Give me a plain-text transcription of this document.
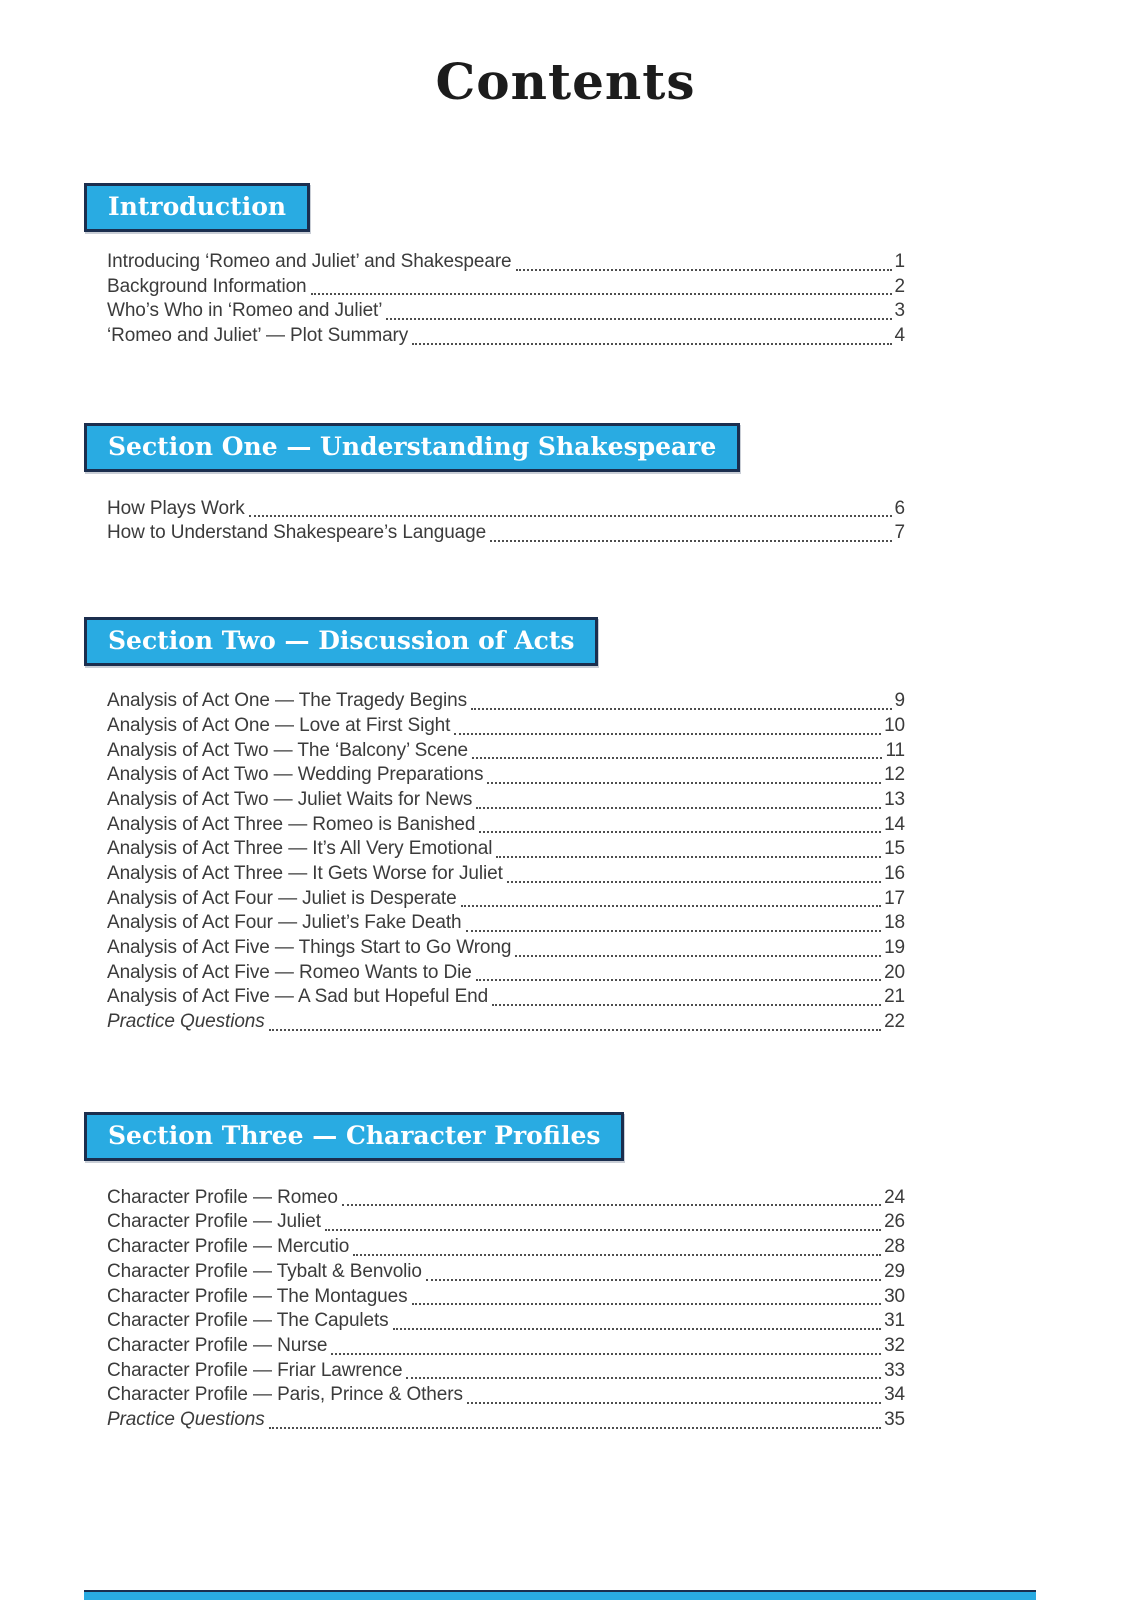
Contents
Introduction
Introducing ‘Romeo and Juliet’ and Shakespeare	1
Background Information	2
Who’s Who in ‘Romeo and Juliet’	3
‘Romeo and Juliet’ — Plot Summary	4
Section One — Understanding Shakespeare
How Plays Work	6
How to Understand Shakespeare’s Language	7
Section Two — Discussion of Acts
Analysis of Act One — The Tragedy Begins	9
Analysis of Act One — Love at First Sight	10
Analysis of Act Two — The ‘Balcony’ Scene	11
Analysis of Act Two — Wedding Preparations	12
Analysis of Act Two — Juliet Waits for News	13
Analysis of Act Three — Romeo is Banished	14
Analysis of Act Three — It’s All Very Emotional	15
Analysis of Act Three — It Gets Worse for Juliet	16
Analysis of Act Four — Juliet is Desperate	17
Analysis of Act Four — Juliet’s Fake Death	18
Analysis of Act Five — Things Start to Go Wrong	19
Analysis of Act Five — Romeo Wants to Die	20
Analysis of Act Five — A Sad but Hopeful End	21
Practice Questions	22
Section Three — Character Profiles
Character Profile — Romeo	24
Character Profile — Juliet	26
Character Profile — Mercutio	28
Character Profile — Tybalt & Benvolio	29
Character Profile — The Montagues	30
Character Profile — The Capulets	31
Character Profile — Nurse	32
Character Profile — Friar Lawrence	33
Character Profile — Paris, Prince & Others	34
Practice Questions	35
